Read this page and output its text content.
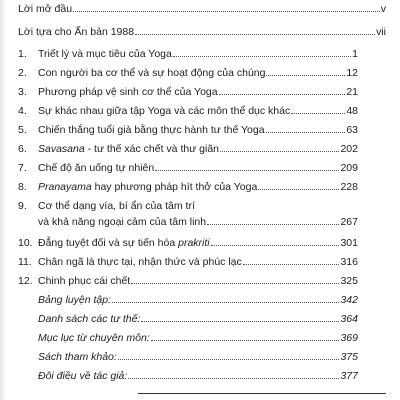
Lời mở đầu	v
Lời tựa cho Ấn bản 1988	vii
1.	Triết lý và mục tiêu của Yoga	1
2.	Con người ba cơ thể và sự hoạt động của chúng	12
3.	Phương pháp vệ sinh cơ thể của Yoga	21
4.	Sự khác nhau giữa tập Yoga và các môn thể dục khác	48
5.	Chiến thắng tuổi già bằng thực hành tư thế Yoga	63
6.	Savasana - tư thế xác chết và thư giãn	202
7.	Chế độ ăn uống tự nhiên	209
8.	Pranayama hay phương pháp hít thở của Yoga	228
9.	Cơ thể dạng vía, bí ẩn của tâm trí
và khả năng ngoại cảm của tâm linh	267
10. Đẳng tuyệt đối và sự tiến hóa prakriti	301
11. Chân ngã là thực tại, nhận thức và phúc lạc	316
12. Chinh phục cái chết	325
Bảng luyện tập:	342
Danh sách các tư thế:	364
Mục lục từ chuyên môn:	369
Sách tham khảo:	375
Đôi điều về tác giả:	377
